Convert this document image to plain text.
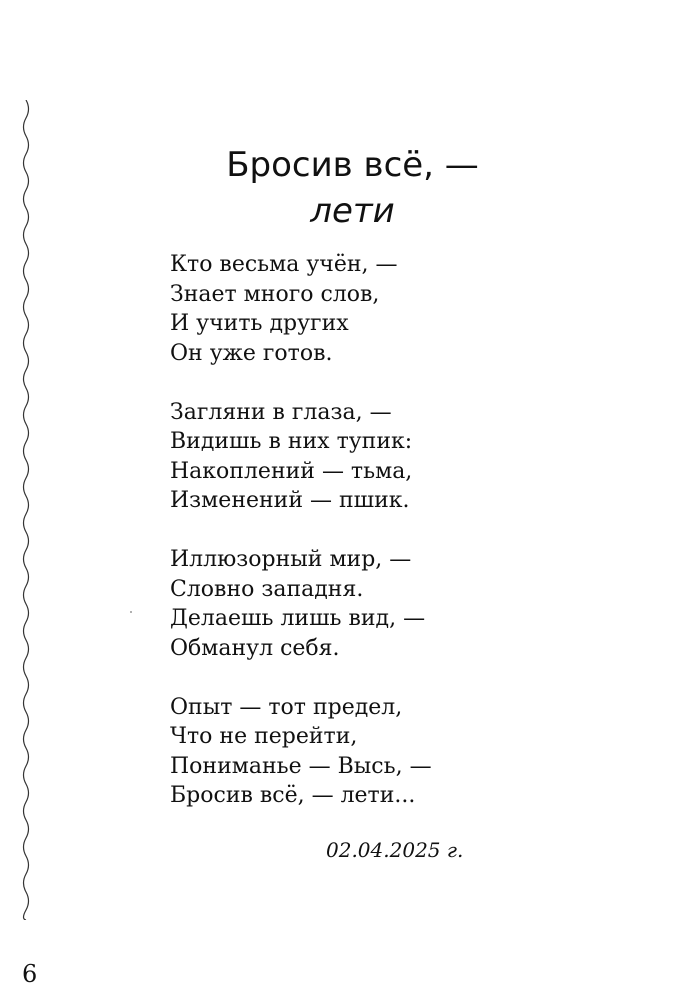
Бросив всё, —
лети
Кто весьма учён, —
Знает много слов,
И учить других
Он уже готов.
Загляни в глаза, —
Видишь в них тупик:
Накоплений — тьма,
Изменений — пшик.
Иллюзорный мир, —
Словно западня.
Делаешь лишь вид, —
Обманул себя.
Опыт — тот предел,
Что не перейти,
Пониманье — Высь, —
Бросив всё, — лети...
02.04.2025 г.
6
